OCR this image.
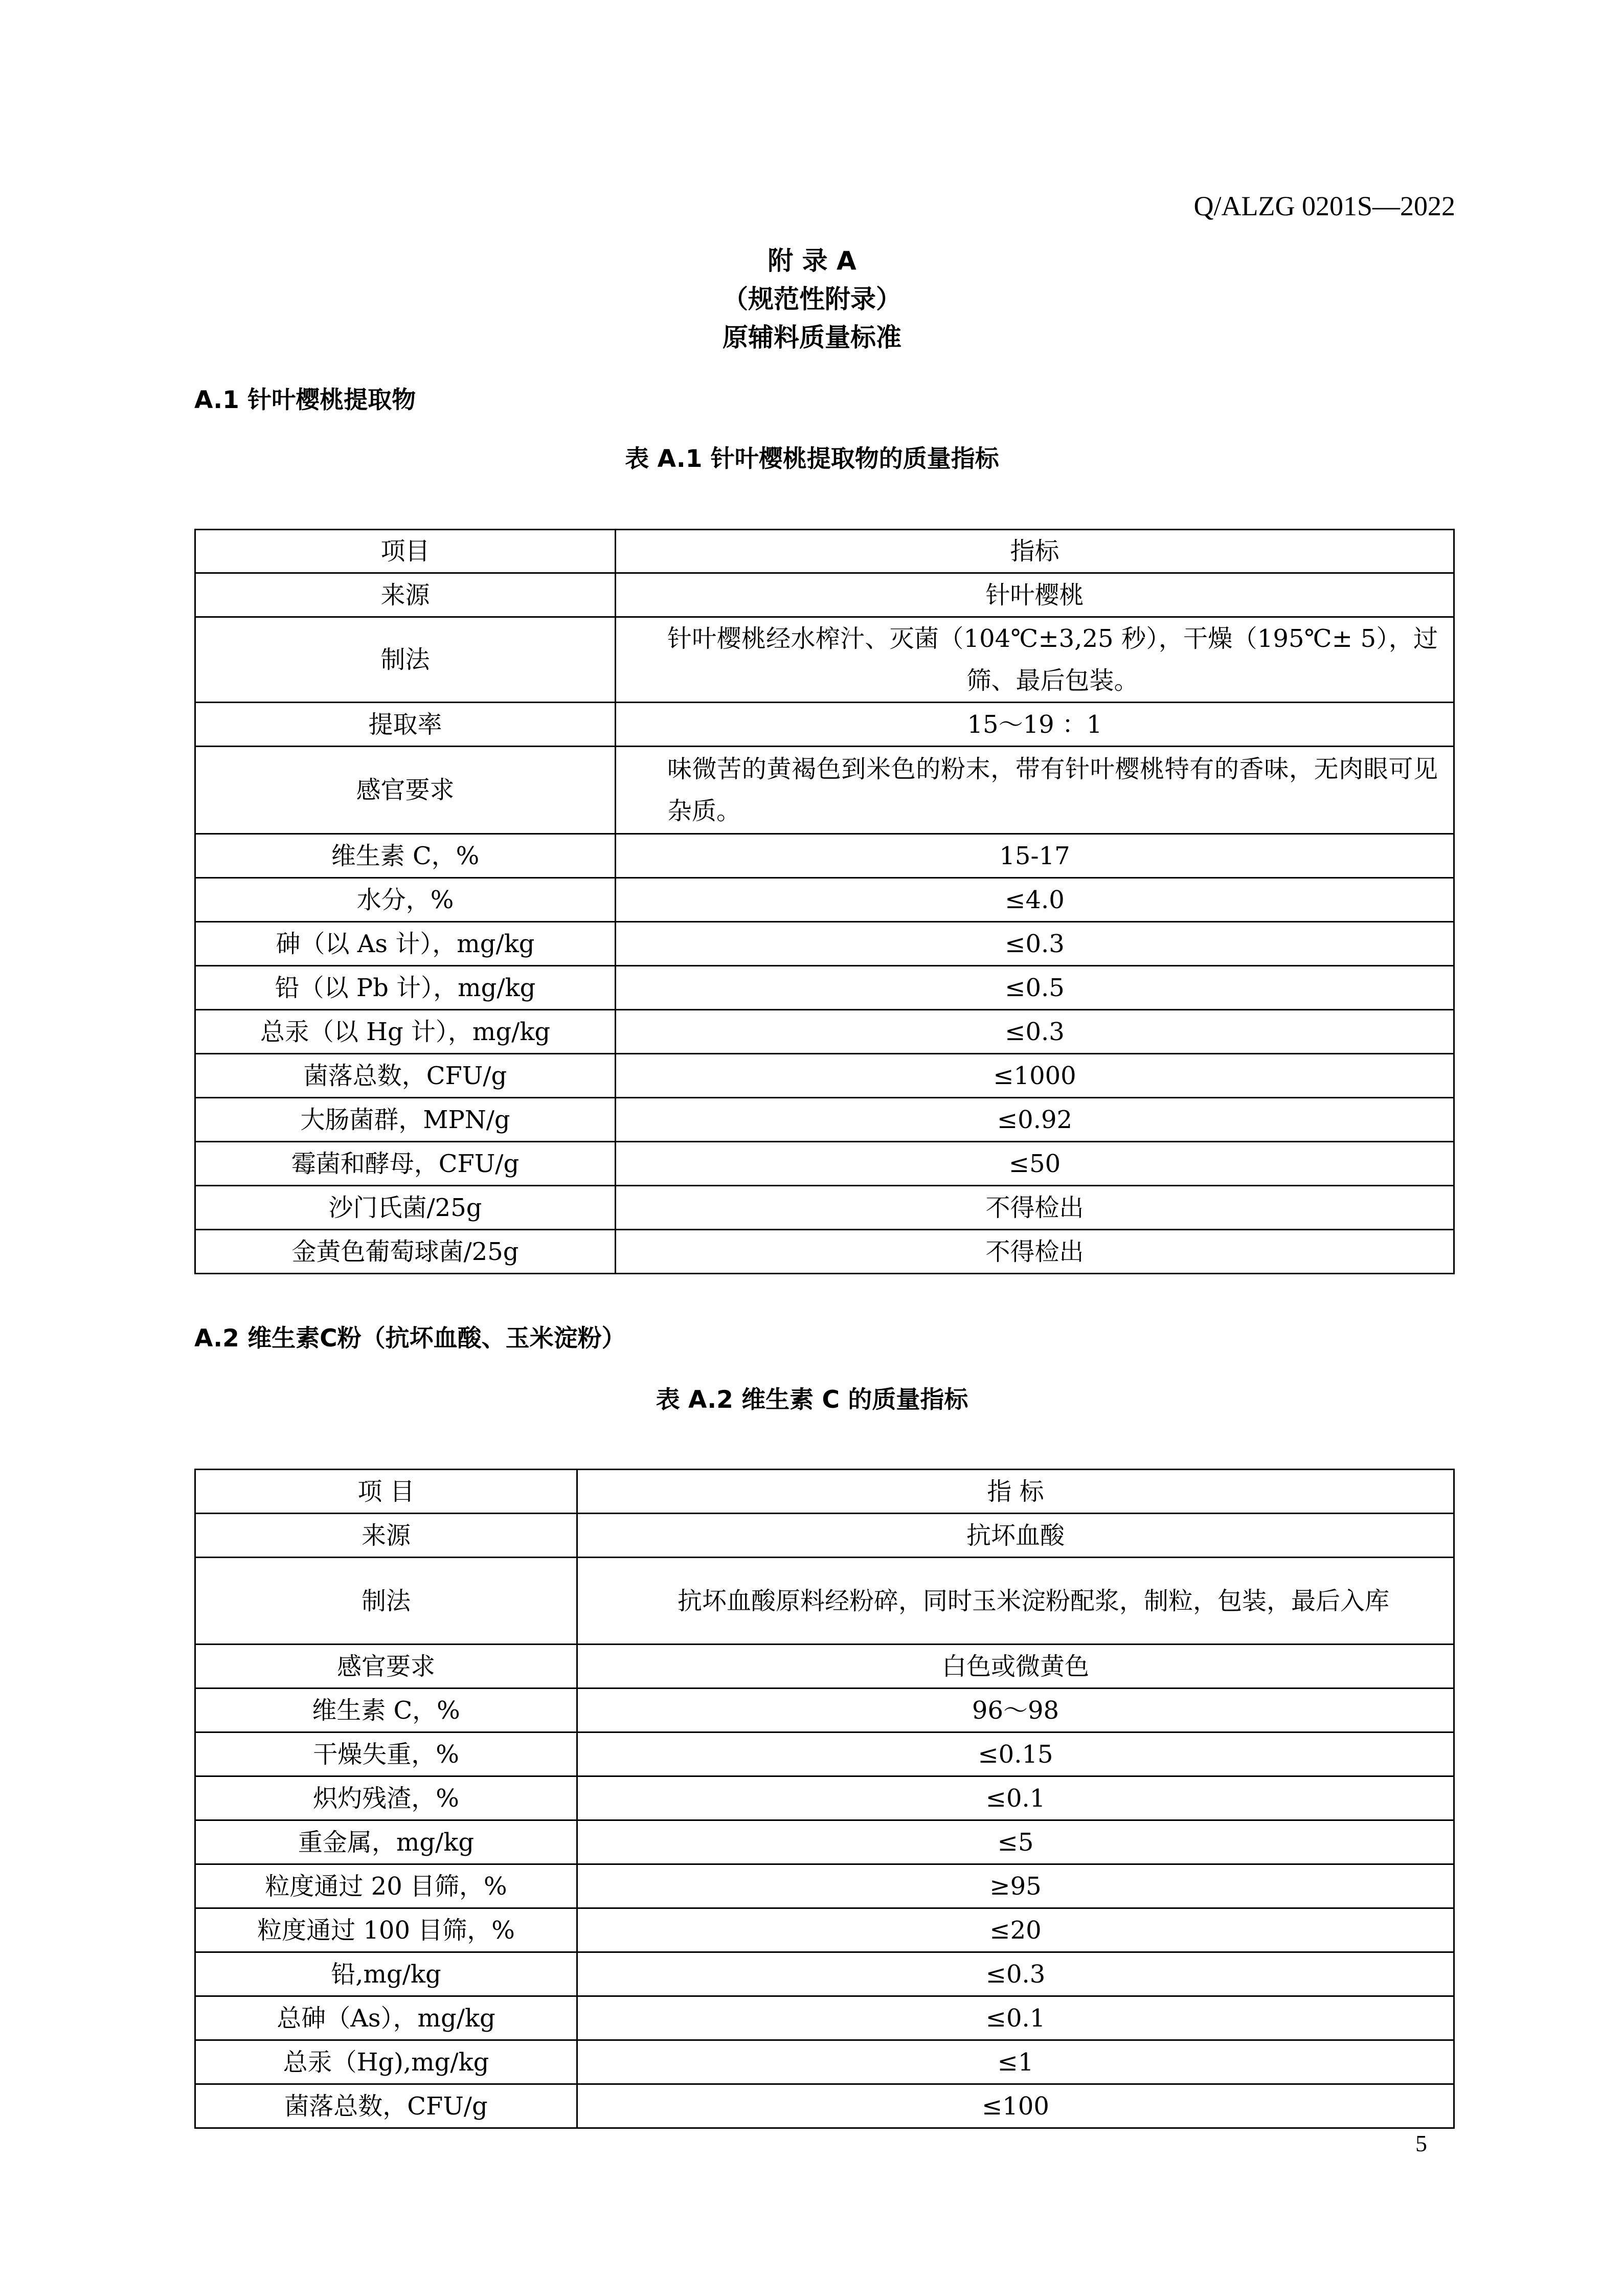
Q/ALZG 0201S—2022
附 录 A
（规范性附录）
原辅料质量标准
A.1 针叶樱桃提取物
表 A.1 针叶樱桃提取物的质量指标
项目	指标
来源	针叶樱桃
制法	针叶樱桃经水榨汁、灭菌（104℃±3,25 秒），干燥（195℃± 5），过筛、最后包装。
提取率	15～19 ：1
感官要求	味微苦的黄褐色到米色的粉末，带有针叶樱桃特有的香味，无肉眼可见杂质。
维生素 C，%	15-17
水分，%	≤4.0
砷（以 As 计），mg/kg	≤0.3
铅（以 Pb 计），mg/kg	≤0.5
总汞（以 Hg 计），mg/kg	≤0.3
菌落总数，CFU/g	≤1000
大肠菌群，MPN/g	≤0.92
霉菌和酵母，CFU/g	≤50
沙门氏菌/25g	不得检出
金黄色葡萄球菌/25g	不得检出
A.2 维生素C粉（抗坏血酸、玉米淀粉）
表 A.2 维生素 C 的质量指标
项 目	指 标
来源	抗坏血酸
制法	抗坏血酸原料经粉碎，同时玉米淀粉配浆，制粒，包装，最后入库
感官要求	白色或微黄色
维生素 C，%	96～98
干燥失重，%	≤0.15
炽灼残渣，%	≤0.1
重金属，mg/kg	≤5
粒度通过 20 目筛，%	≥95
粒度通过 100 目筛，%	≤20
铅,mg/kg	≤0.3
总砷（As），mg/kg	≤0.1
总汞（Hg),mg/kg	≤1
菌落总数，CFU/g	≤100
5
